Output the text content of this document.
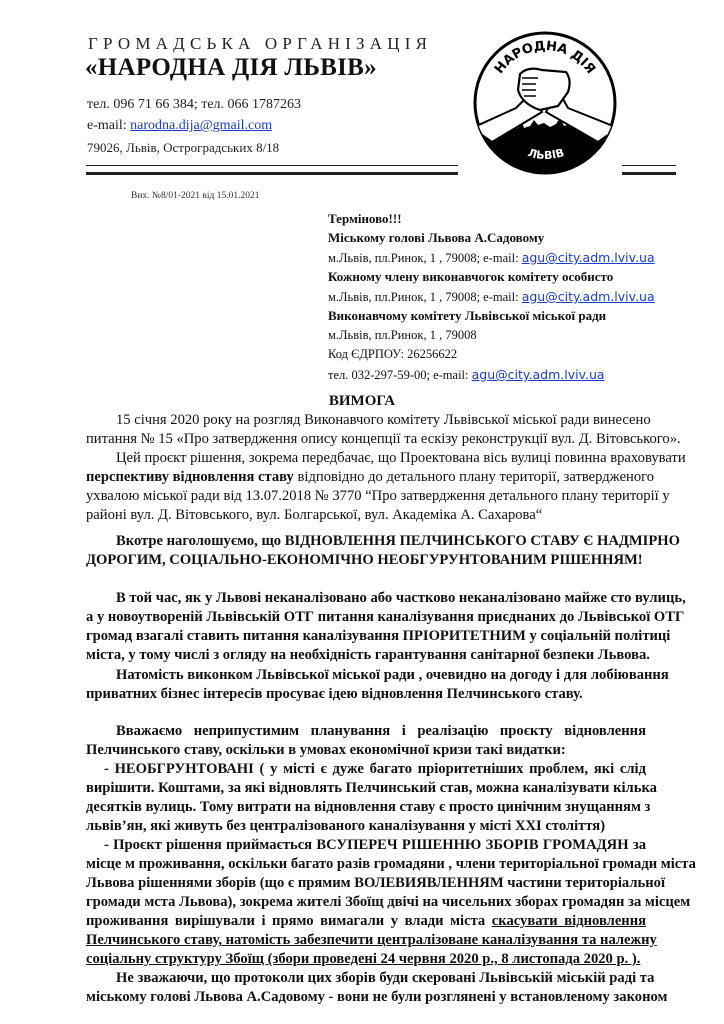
ГРОМАДСЬКА ОРГАНІЗАЦІЯ
«НАРОДНА ДІЯ ЛЬВІВ»
тел. 096 71 66 384; тел. 066 1787263
e-mail: narodna.dija@gmail.com
79026, Львів, Остроградських 8/18
НАРОДНА ДІЯ
ЛЬВІВ
Вих. №8/01-2021 від 15.01.2021
Терміново!!!
Міському голові Львова А.Садовому
м.Львів, пл.Ринок, 1 , 79008; e-mail: agu@city.adm.lviv.ua
Кожному члену виконавчогок комітету особисто
м.Львів, пл.Ринок, 1 , 79008; e-mail: agu@city.adm.lviv.ua
Виконавчому комітету Львівської міської ради
м.Львів, пл.Ринок, 1 , 79008
Код ЄДРПОУ: 26256622
тел. 032-297-59-00; e-mail: agu@city.adm.lviv.ua
ВИМОГА
15 січня 2020 року на розгляд Виконавчого комітету Львівської міської ради винесено
питання № 15 «Про затвердження опису концепції та ескізу реконструкції вул. Д. Вітовського».
Цей проєкт рішення, зокрема передбачає, що Проектована вісь вулиці повинна враховувати
перспективу відновлення ставу відповідно до детального плану території, затвердженого
ухвалою міської ради від 13.07.2018 № 3770 “Про затвердження детального плану території у
районі вул. Д. Вітовського, вул. Болгарської, вул. Академіка А. Сахарова“
Вкотре наголошуємо, що ВІДНОВЛЕННЯ ПЕЛЧИНСЬКОГО СТАВУ Є НАДМІРНО
ДОРОГИМ, СОЦІАЛЬНО-ЕКОНОМІЧНО НЕОБГУРУНТОВАНИМ РІШЕННЯМ!
В той час, як у Львові неканалізовано або частково неканалізовано майже сто вулиць,
а у новоутвореній Львівській ОТГ питання каналізування приєднаних до Львівської ОТГ
громад взагалі ставить питання каналізування ПРІОРИТЕТНИМ у соціальній політиці
міста, у тому числі з огляду на необхідність гарантування санітарної безпеки Львова.
Натомість виконком Львівської міської ради , очевидно на догоду і для лобіювання
приватних бізнес інтересів просуває ідею відновлення Пелчинського ставу.
Вважаємо неприпустимим планування і реалізацію проєкту відновлення
Пелчинського ставу, оскільки в умовах економічної кризи такі видатки:
- НЕОБГРУНТОВАНІ ( у місті є дуже багато пріоритетніших проблем, які слід
вирішити. Коштами, за які відновлять Пелчинський став, можна каналізувати кілька
десятків вулиць. Тому витрати на відновлення ставу є просто цинічним знущанням з
львів’ян, які живуть без централізованого каналізування у місті XXI століття)
- Проєкт рішення приймається ВСУПЕРЕЧ РІШЕННЮ ЗБОРІВ ГРОМАДЯН за
місце м проживання, оскільки багато разів громадяни , члени територіальної громади міста
Львова рішеннями зборів (що є прямим ВОЛЕВИЯВЛЕННЯМ частини територіальної
громади мста Львова), зокрема жителі Збоїщ двічі на чисельних зборах громадян за місцем
проживання вирішували і прямо вимагали у влади міста скасувати відновлення
Пелчинського ставу, натомість забезпечити централізоване каналізування та належну
соціальну структуру Збоїщ (збори проведені 24 червня 2020 р., 8 листопада 2020 р. ).
Не зважаючи, що протоколи цих зборів буди скеровані Львівській міській раді та
міському голові Львова А.Садовому - вони не були розглянені у встановленому законом
